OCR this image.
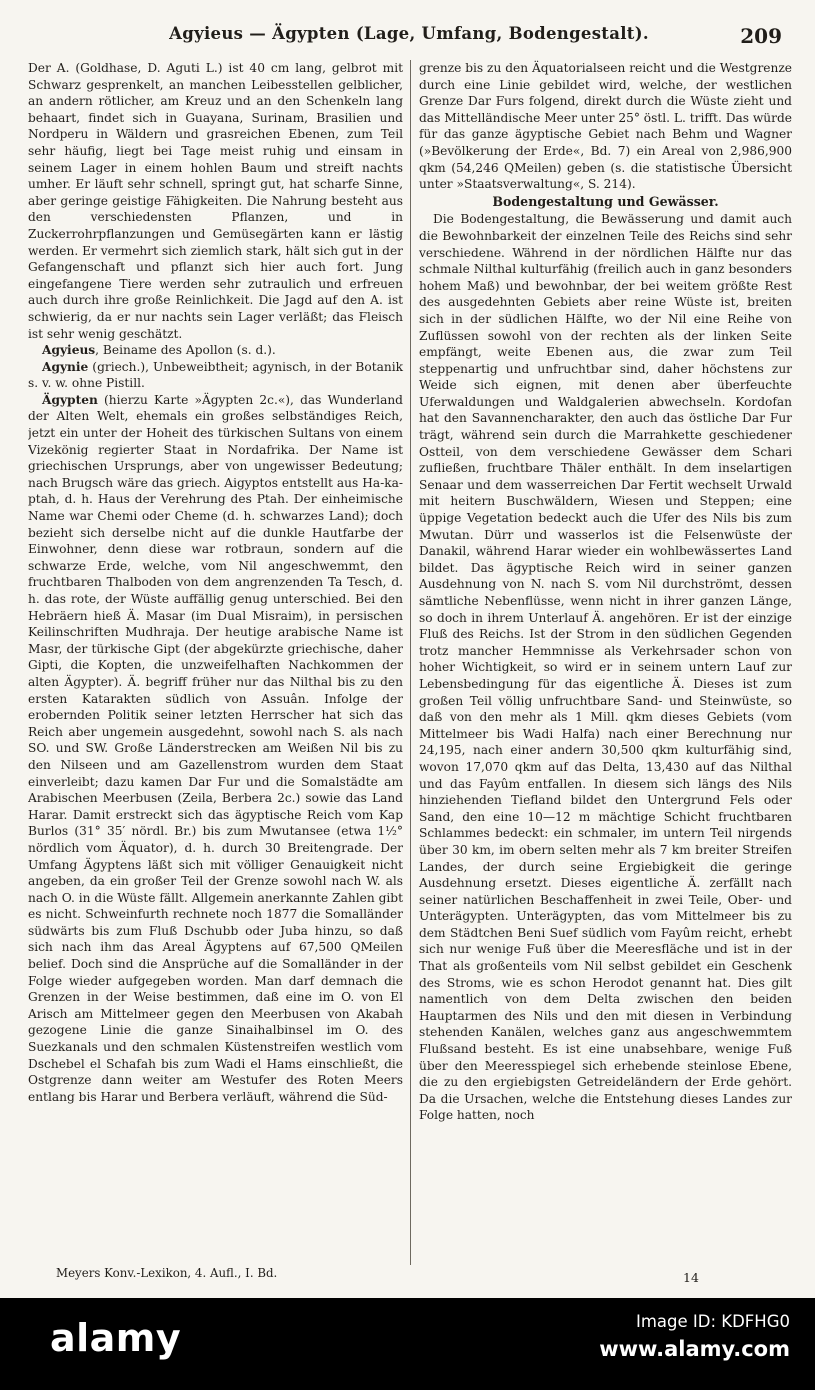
Agyieus — Ägypten (Lage, Umfang, Bodengestalt).	209

Der A. (Goldhase, D. Aguti L.) ist 40 cm lang, gelbrot mit Schwarz gesprenkelt, an manchen Leibesstellen gelblicher, an andern rötlicher, am Kreuz und an den Schenkeln lang behaart, findet sich in Guayana, Surinam, Brasilien und Nordperu in Wäldern und grasreichen Ebenen, zum Teil sehr häufig, liegt bei Tage meist ruhig und einsam in seinem Lager in einem hohlen Baum und streift nachts umher. Er läuft sehr schnell, springt gut, hat scharfe Sinne, aber geringe geistige Fähigkeiten. Die Nahrung besteht aus den verschiedensten Pflanzen, und in Zuckerrohrpflanzungen und Gemüsegärten kann er lästig werden. Er vermehrt sich ziemlich stark, hält sich gut in der Gefangenschaft und pflanzt sich hier auch fort. Jung eingefangene Tiere werden sehr zutraulich und erfreuen auch durch ihre große Reinlichkeit. Die Jagd auf den A. ist schwierig, da er nur nachts sein Lager verläßt; das Fleisch ist sehr wenig geschätzt.

Agyieus, Beiname des Apollon (s. d.).

Agynie (griech.), Unbeweibtheit; agynisch, in der Botanik s. v. w. ohne Pistill.

Ägypten (hierzu Karte »Ägypten 2c.«), das Wunderland der Alten Welt, ehemals ein großes selbständiges Reich, jetzt ein unter der Hoheit des türkischen Sultans von einem Vizekönig regierter Staat in Nordafrika. Der Name ist griechischen Ursprungs, aber von ungewisser Bedeutung; nach Brugsch wäre das griech. Aigyptos entstellt aus Ha-ka-ptah, d. h. Haus der Verehrung des Ptah. Der einheimische Name war Chemi oder Cheme (d. h. schwarzes Land); doch bezieht sich derselbe nicht auf die dunkle Hautfarbe der Einwohner, denn diese war rotbraun, sondern auf die schwarze Erde, welche, vom Nil angeschwemmt, den fruchtbaren Thalboden von dem angrenzenden Ta Tesch, d. h. das rote, der Wüste auffällig genug unterschied. Bei den Hebräern hieß Ä. Masar (im Dual Misraim), in persischen Keilinschriften Mudhraja. Der heutige arabische Name ist Masr, der türkische Gipt (der abgekürzte griechische, daher Gipti, die Kopten, die unzweifelhaften Nachkommen der alten Ägypter). Ä. begriff früher nur das Nilthal bis zu den ersten Katarakten südlich von Assuân. Infolge der erobernden Politik seiner letzten Herrscher hat sich das Reich aber ungemein ausgedehnt, sowohl nach S. als nach SO. und SW. Große Länderstrecken am Weißen Nil bis zu den Nilseen und am Gazellenstrom wurden dem Staat einverleibt; dazu kamen Dar Fur und die Somalstädte am Arabischen Meerbusen (Zeila, Berbera 2c.) sowie das Land Harar. Damit erstreckt sich das ägyptische Reich vom Kap Burlos (31° 35′ nördl. Br.) bis zum Mwutansee (etwa 1½° nördlich vom Äquator), d. h. durch 30 Breitengrade. Der Umfang Ägyptens läßt sich mit völliger Genauigkeit nicht angeben, da ein großer Teil der Grenze sowohl nach W. als nach O. in die Wüste fällt. Allgemein anerkannte Zahlen gibt es nicht. Schweinfurth rechnete noch 1877 die Somalländer südwärts bis zum Fluß Dschubb oder Juba hinzu, so daß sich nach ihm das Areal Ägyptens auf 67,500 QMeilen belief. Doch sind die Ansprüche auf die Somalländer in der Folge wieder aufgegeben worden. Man darf demnach die Grenzen in der Weise bestimmen, daß eine im O. von El Arisch am Mittelmeer gegen den Meerbusen von Akabah gezogene Linie die ganze Sinaihalbinsel im O. des Suezkanals und den schmalen Küstenstreifen westlich vom Dschebel el Schafah bis zum Wadi el Hams einschließt, die Ostgrenze dann weiter am Westufer des Roten Meers entlang bis Harar und Berbera verläuft, während die Süd-

grenze bis zu den Äquatorialseen reicht und die Westgrenze durch eine Linie gebildet wird, welche, der westlichen Grenze Dar Furs folgend, direkt durch die Wüste zieht und das Mittelländische Meer unter 25° östl. L. trifft. Das würde für das ganze ägyptische Gebiet nach Behm und Wagner (»Bevölkerung der Erde«, Bd. 7) ein Areal von 2,986,900 qkm (54,246 QMeilen) geben (s. die statistische Übersicht unter »Staatsverwaltung«, S. 214).

Bodengestaltung und Gewässer.

Die Bodengestaltung, die Bewässerung und damit auch die Bewohnbarkeit der einzelnen Teile des Reichs sind sehr verschiedene. Während in der nördlichen Hälfte nur das schmale Nilthal kulturfähig (freilich auch in ganz besonders hohem Maß) und bewohnbar, der bei weitem größte Rest des ausgedehnten Gebiets aber reine Wüste ist, breiten sich in der südlichen Hälfte, wo der Nil eine Reihe von Zuflüssen sowohl von der rechten als der linken Seite empfängt, weite Ebenen aus, die zwar zum Teil steppenartig und unfruchtbar sind, daher höchstens zur Weide sich eignen, mit denen aber überfeuchte Uferwaldungen und Waldgalerien abwechseln. Kordofan hat den Savannencharakter, den auch das östliche Dar Fur trägt, während sein durch die Marrahkette geschiedener Ostteil, von dem verschiedene Gewässer dem Schari zufließen, fruchtbare Thäler enthält. In dem inselartigen Senaar und dem wasserreichen Dar Fertit wechselt Urwald mit heitern Buschwäldern, Wiesen und Steppen; eine üppige Vegetation bedeckt auch die Ufer des Nils bis zum Mwutan. Dürr und wasserlos ist die Felsenwüste der Danakil, während Harar wieder ein wohlbewässertes Land bildet. Das ägyptische Reich wird in seiner ganzen Ausdehnung von N. nach S. vom Nil durchströmt, dessen sämtliche Nebenflüsse, wenn nicht in ihrer ganzen Länge, so doch in ihrem Unterlauf Ä. angehören. Er ist der einzige Fluß des Reichs. Ist der Strom in den südlichen Gegenden trotz mancher Hemmnisse als Verkehrsader schon von hoher Wichtigkeit, so wird er in seinem untern Lauf zur Lebensbedingung für das eigentliche Ä. Dieses ist zum großen Teil völlig unfruchtbare Sand- und Steinwüste, so daß von den mehr als 1 Mill. qkm dieses Gebiets (vom Mittelmeer bis Wadi Halfa) nach einer Berechnung nur 24,195, nach einer andern 30,500 qkm kulturfähig sind, wovon 17,070 qkm auf das Delta, 13,430 auf das Nilthal und das Fayûm entfallen. In diesem sich längs des Nils hinziehenden Tiefland bildet den Untergrund Fels oder Sand, den eine 10—12 m mächtige Schicht fruchtbaren Schlammes bedeckt: ein schmaler, im untern Teil nirgends über 30 km, im obern selten mehr als 7 km breiter Streifen Landes, der durch seine Ergiebigkeit die geringe Ausdehnung ersetzt. Dieses eigentliche Ä. zerfällt nach seiner natürlichen Beschaffenheit in zwei Teile, Ober- und Unterägypten. Unterägypten, das vom Mittelmeer bis zu dem Städtchen Beni Suef südlich vom Fayûm reicht, erhebt sich nur wenige Fuß über die Meeresfläche und ist in der That als großenteils vom Nil selbst gebildet ein Geschenk des Stroms, wie es schon Herodot genannt hat. Dies gilt namentlich von dem Delta zwischen den beiden Hauptarmen des Nils und den mit diesen in Verbindung stehenden Kanälen, welches ganz aus angeschwemmtem Flußsand besteht. Es ist eine unabsehbare, wenige Fuß über den Meeresspiegel sich erhebende steinlose Ebene, die zu den ergiebigsten Getreideländern der Erde gehört. Da die Ursachen, welche die Entstehung dieses Landes zur Folge hatten, noch

Meyers Konv.-Lexikon, 4. Aufl., I. Bd.	14
alamy	Image ID: KDFHG0
www.alamy.com
